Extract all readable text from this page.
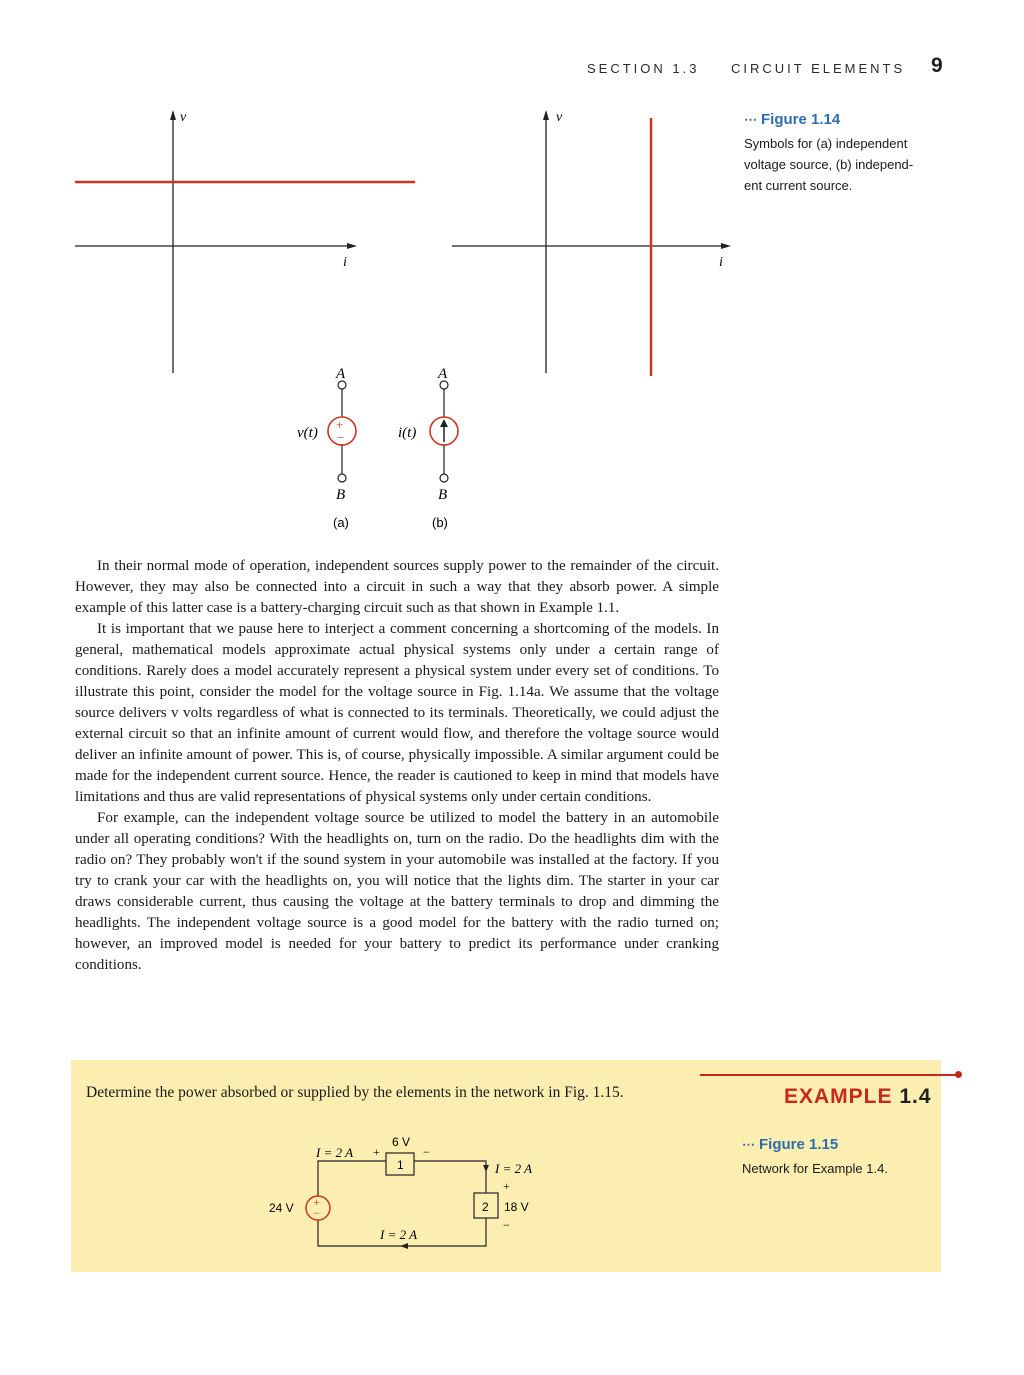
SECTION 1.3 CIRCUIT ELEMENTS 9
v
i
v
i
A
+
−
B
v(t)
(a)
A
B
i(t)
(b)
⋯ Figure 1.14
Symbols for (a) independent
voltage source, (b) independ-
ent current source.

In their normal mode of operation, independent sources supply power to the remainder of the circuit. However, they may also be connected into a circuit in such a way that they absorb power. A simple example of this latter case is a battery-charging circuit such as that shown in Example 1.1.

It is important that we pause here to interject a comment concerning a shortcoming of the models. In general, mathematical models approximate actual physical systems only under a certain range of conditions. Rarely does a model accurately represent a physical system under every set of conditions. To illustrate this point, consider the model for the voltage source in Fig. 1.14a. We assume that the voltage source delivers v volts regardless of what is connected to its terminals. Theoretically, we could adjust the external circuit so that an infinite amount of current would flow, and therefore the voltage source would deliver an infinite amount of power. This is, of course, physically impossible. A similar argument could be made for the independent current source. Hence, the reader is cautioned to keep in mind that models have limitations and thus are valid representations of physical systems only under certain conditions.

For example, can the independent voltage source be utilized to model the battery in an automobile under all operating conditions? With the headlights on, turn on the radio. Do the headlights dim with the radio on? They probably won't if the sound system in your automobile was installed at the factory. If you try to crank your car with the headlights on, you will notice that the lights dim. The starter in your car draws considerable current, thus causing the voltage at the battery terminals to drop and dimming the headlights. The independent voltage source is a good model for the battery with the radio turned on; however, an improved model is needed for your battery to predict its performance under cranking conditions.

EXAMPLE 1.4
Determine the power absorbed or supplied by the elements in the network in Fig. 1.15.
+
−
24 V
1
6 V
+	−
I = 2 A
2 18 V
+
−
I = 2 A
I = 2 A
⋯ Figure 1.15
Network for Example 1.4.
